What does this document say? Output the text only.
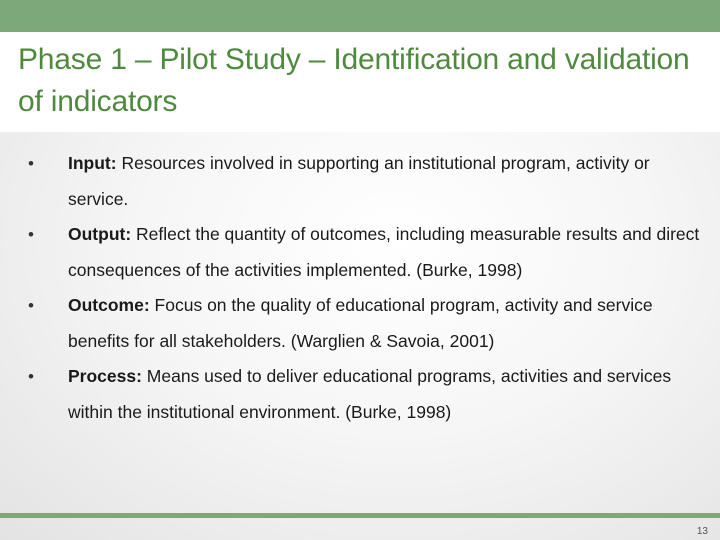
Phase 1 – Pilot Study – Identification and validation of indicators
•	Input: Resources involved in supporting an institutional program, activity or service.
•	Output: Reflect the quantity of outcomes, including measurable results and direct consequences of the activities implemented. (Burke, 1998)
•	Outcome: Focus on the quality of educational program, activity and service benefits for all stakeholders. (Warglien & Savoia, 2001)
•	Process: Means used to deliver educational programs, activities and services within the institutional environment. (Burke, 1998)
13
